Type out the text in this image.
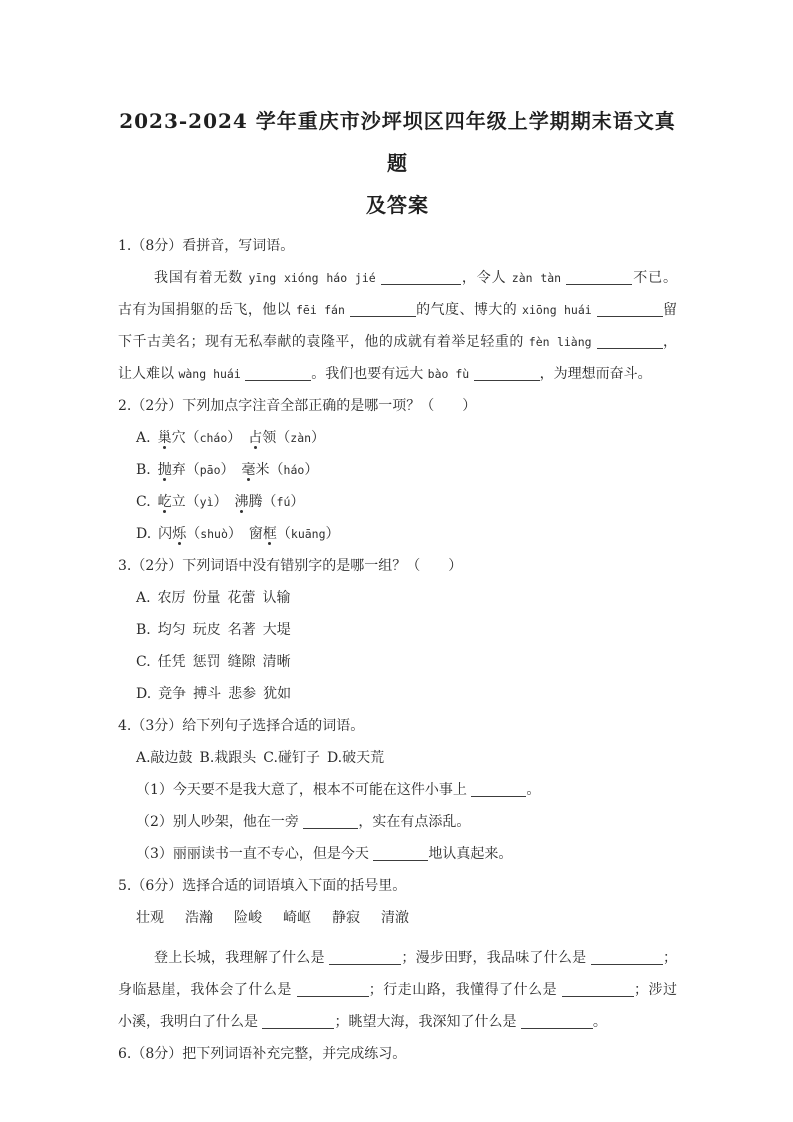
2023-2024 学年重庆市沙坪坝区四年级上学期期末语文真题
及答案
1.（8分）看拼音，写词语。
我国有着无数 yīng xióng háo jié	，令人 zàn tàn	不已。
古有为国捐躯的岳飞，他以 fēi fán	的气度、博大的 xiōng huái	留
下千古美名；现有无私奉献的袁隆平，他的成就有着举足轻重的 fèn liàng	，
让人难以 wàng huái	。我们也要有远大 bào fù	，为理想而奋斗。
2.（2分）下列加点字注音全部正确的是哪一项？（　　）
A. 巢穴（cháo）　占领（zàn）
B. 抛弃（pāo）　毫米（háo）
C. 屹立（yì）　沸腾（fú）
D. 闪烁（shuò）　窗框（kuāng）
3.（2分）下列词语中没有错别字的是哪一组？（　　）
A. 农厉 份量 花蕾 认输
B. 均匀 玩皮 名著 大堤
C. 任凭 惩罚 缝隙 清晰
D. 竞争 搏斗 悲参 犹如
4.（3分）给下列句子选择合适的词语。
A.敲边鼓 B.栽跟头 C.碰钉子 D.破天荒
（1）今天要不是我大意了，根本不可能在这件小事上	。
（2）别人吵架，他在一旁	，实在有点添乱。
（3）丽丽读书一直不专心，但是今天	地认真起来。
5.（6分）选择合适的词语填入下面的括号里。
壮观　 浩瀚　 险峻　 崎岖　 静寂　 清澈
登上长城，我理解了什么是	；漫步田野，我品味了什么是	；
身临悬崖，我体会了什么是	；行走山路，我懂得了什么是	；涉过
小溪，我明白了什么是	；眺望大海，我深知了什么是	。
6.（8分）把下列词语补充完整，并完成练习。
